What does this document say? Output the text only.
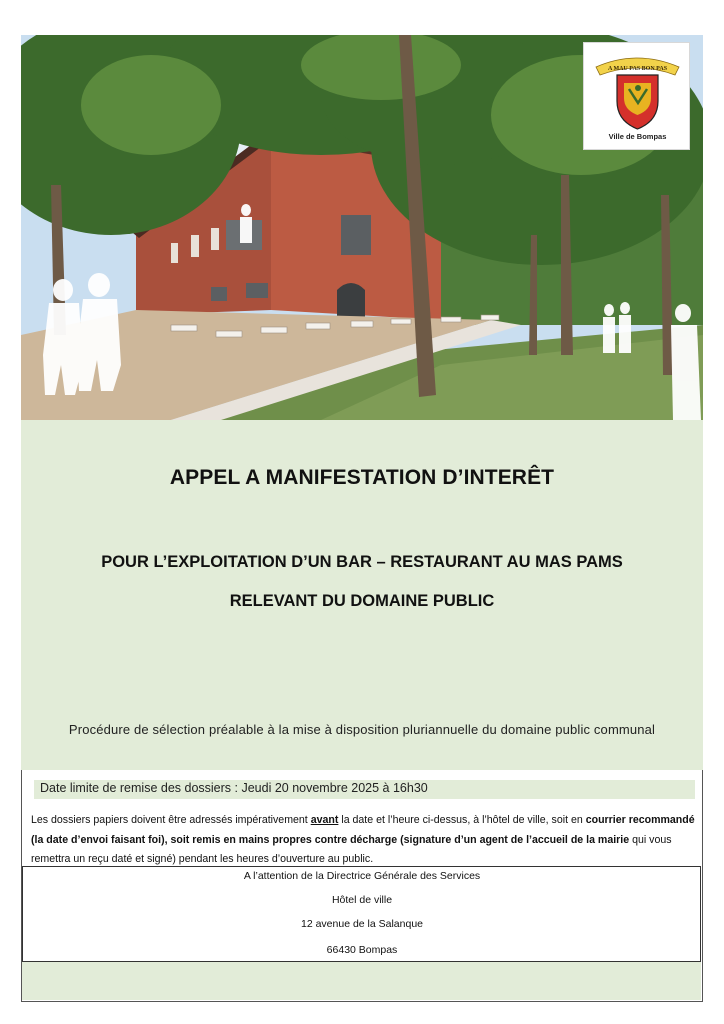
A MAU PAS BON PAS
Ville de Bompas
APPEL A MANIFESTATION D’INTERÊT
POUR L’EXPLOITATION D’UN BAR – RESTAURANT AU MAS PAMS
RELEVANT DU DOMAINE PUBLIC
Procédure de sélection préalable à la mise à disposition pluriannuelle du domaine public communal
Date limite de remise des dossiers : Jeudi 20 novembre 2025 à 16h30
Les dossiers papiers doivent être adressés impérativement avant la date et l’heure ci-dessus, à l’hôtel de ville, soit en courrier recommandé (la date d’envoi faisant foi), soit remis en mains propres contre décharge (signature d’un agent de l’accueil de la mairie qui vous remettra un reçu daté et signé) pendant les heures d’ouverture au public.
A l’attention de la Directrice Générale des Services
Hôtel de ville
12 avenue de la Salanque
66430 Bompas
